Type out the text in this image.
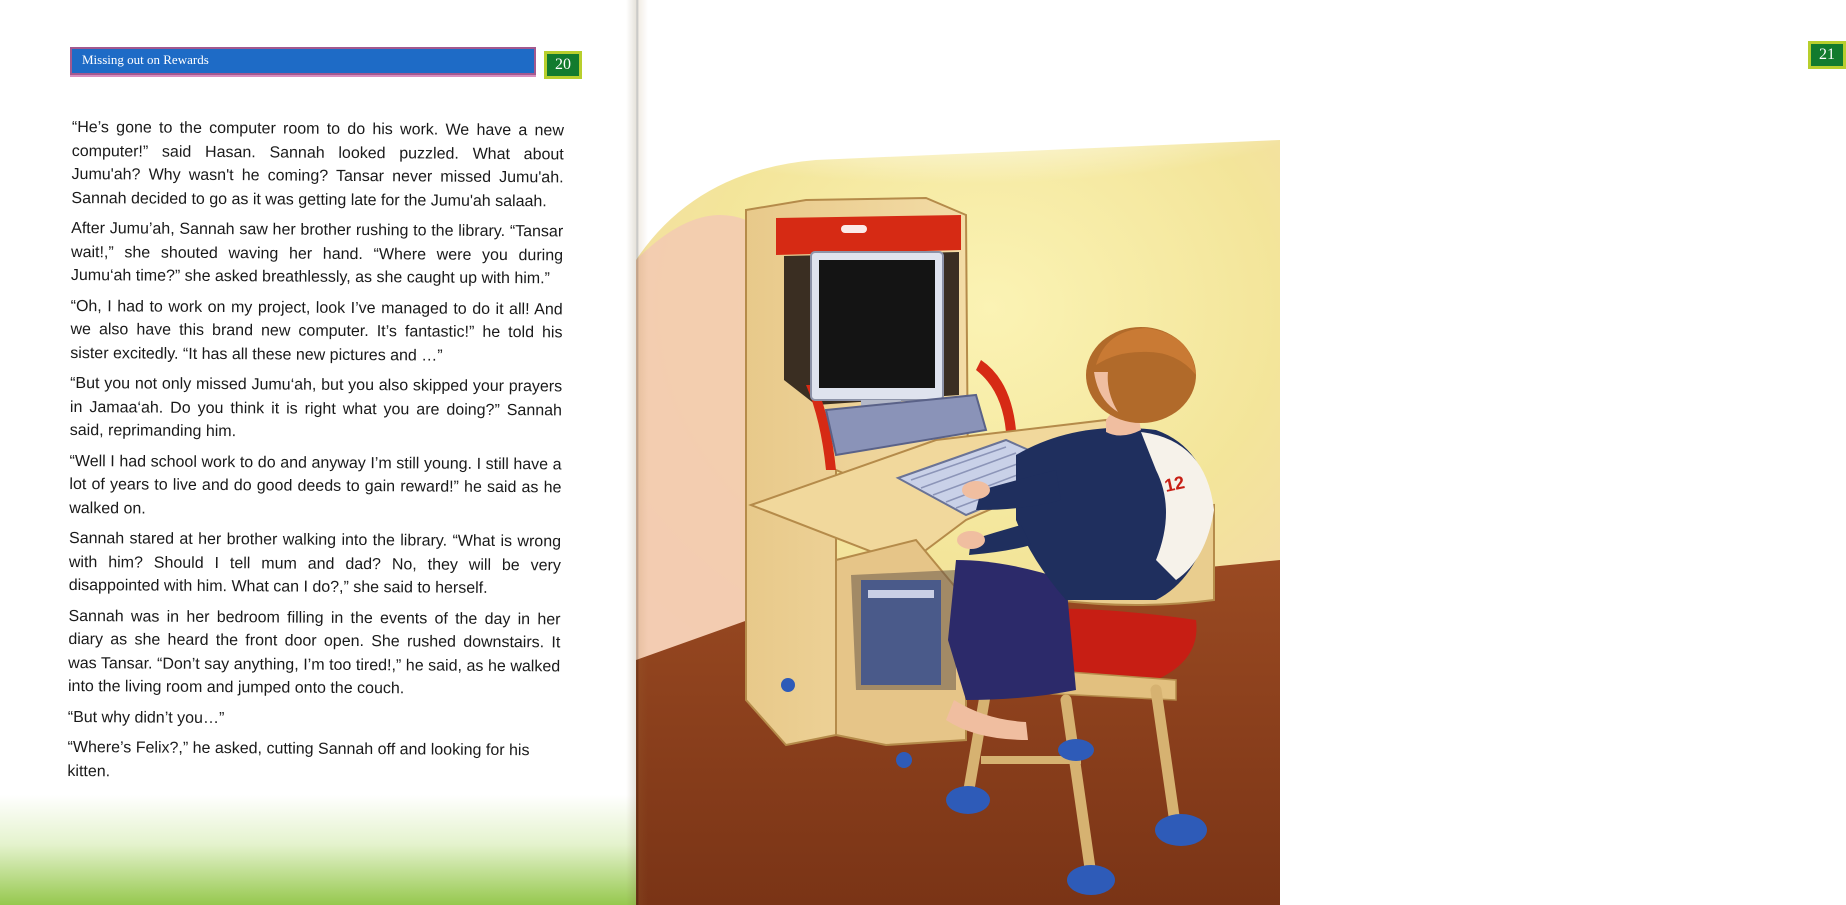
Missing out on Rewards	20

“He’s gone to the computer room to do his work. We have a new computer!” said Hasan. Sannah looked puzzled. What about Jumu'ah? Why wasn't he coming? Tansar never missed Jumu'ah. Sannah decided to go as it was getting late for the Jumu'ah salaah.

After Jumu’ah, Sannah saw her brother rushing to the library. “Tansar wait!,” she shouted waving her hand. “Where were you during Jumu‘ah time?” she asked breathlessly, as she caught up with him.”

“Oh, I had to work on my project, look I’ve managed to do it all! And we also have this brand new computer. It’s fantastic!” he told his sister excitedly. “It has all these new pictures and …”

“But you not only missed Jumu‘ah, but you also skipped your prayers in Jamaa‘ah. Do you think it is right what you are doing?” Sannah said, reprimanding him.

“Well I had school work to do and anyway I’m still young. I still have a lot of years to live and do good deeds to gain reward!” he said as he walked on.

Sannah stared at her brother walking into the library. “What is wrong with him? Should I tell mum and dad? No, they will be very disappointed with him. What can I do?,” she said to herself.

Sannah was in her bedroom filling in the events of the day in her diary as she heard the front door open. She rushed downstairs. It was Tansar. “Don’t say anything, I’m too tired!,” he said, as he walked into the living room and jumped onto the couch.

“But why didn’t you…”

“Where’s Felix?,” he asked, cutting Sannah off and looking for his kitten.

12
21
